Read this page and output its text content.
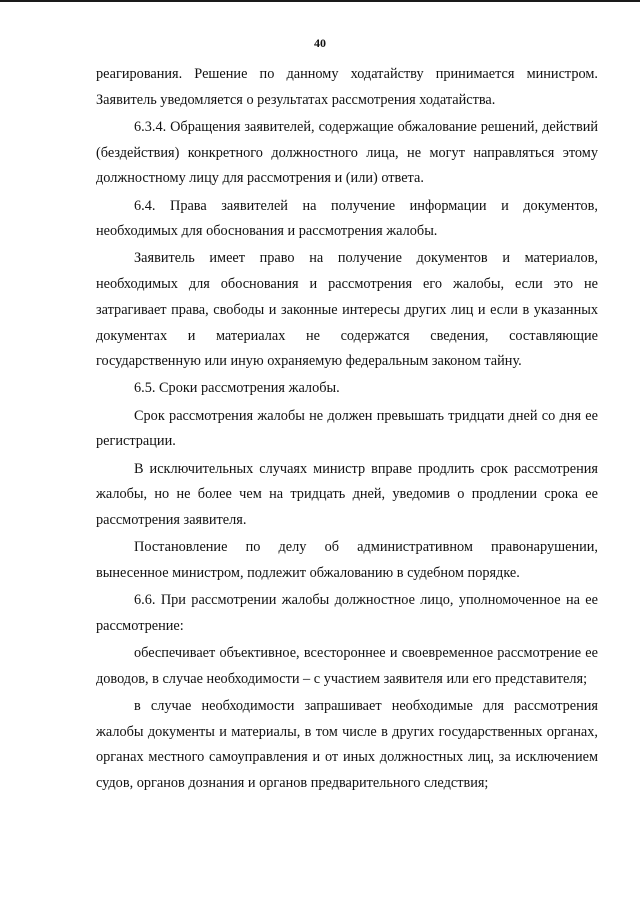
40

реагирования. Решение по данному ходатайству принимается министром. Заявитель уведомляется о результатах рассмотрения ходатайства.

6.3.4. Обращения заявителей, содержащие обжалование решений, действий (бездействия) конкретного должностного лица, не могут направляться этому должностному лицу для рассмотрения и (или) ответа.

6.4. Права заявителей на получение информации и документов, необходимых для обоснования и рассмотрения жалобы.

Заявитель имеет право на получение документов и материалов, необходимых для обоснования и рассмотрения его жалобы, если это не затрагивает права, свободы и законные интересы других лиц и если в указанных документах и материалах не содержатся сведения, составляющие государственную или иную охраняемую федеральным законом тайну.

6.5. Сроки рассмотрения жалобы.

Срок рассмотрения жалобы не должен превышать тридцати дней со дня ее регистрации.

В исключительных случаях министр вправе продлить срок рассмотрения жалобы, но не более чем на тридцать дней, уведомив о продлении срока ее рассмотрения заявителя.

Постановление по делу об административном правонарушении, вынесенное министром, подлежит обжалованию в судебном порядке.

6.6. При рассмотрении жалобы должностное лицо, уполномоченное на ее рассмотрение:

обеспечивает объективное, всестороннее и своевременное рассмотрение ее доводов, в случае необходимости – с участием заявителя или его представителя;

в случае необходимости запрашивает необходимые для рассмотрения жалобы документы и материалы, в том числе в других государственных органах, органах местного самоуправления и от иных должностных лиц, за исключением судов, органов дознания и органов предварительного следствия;
